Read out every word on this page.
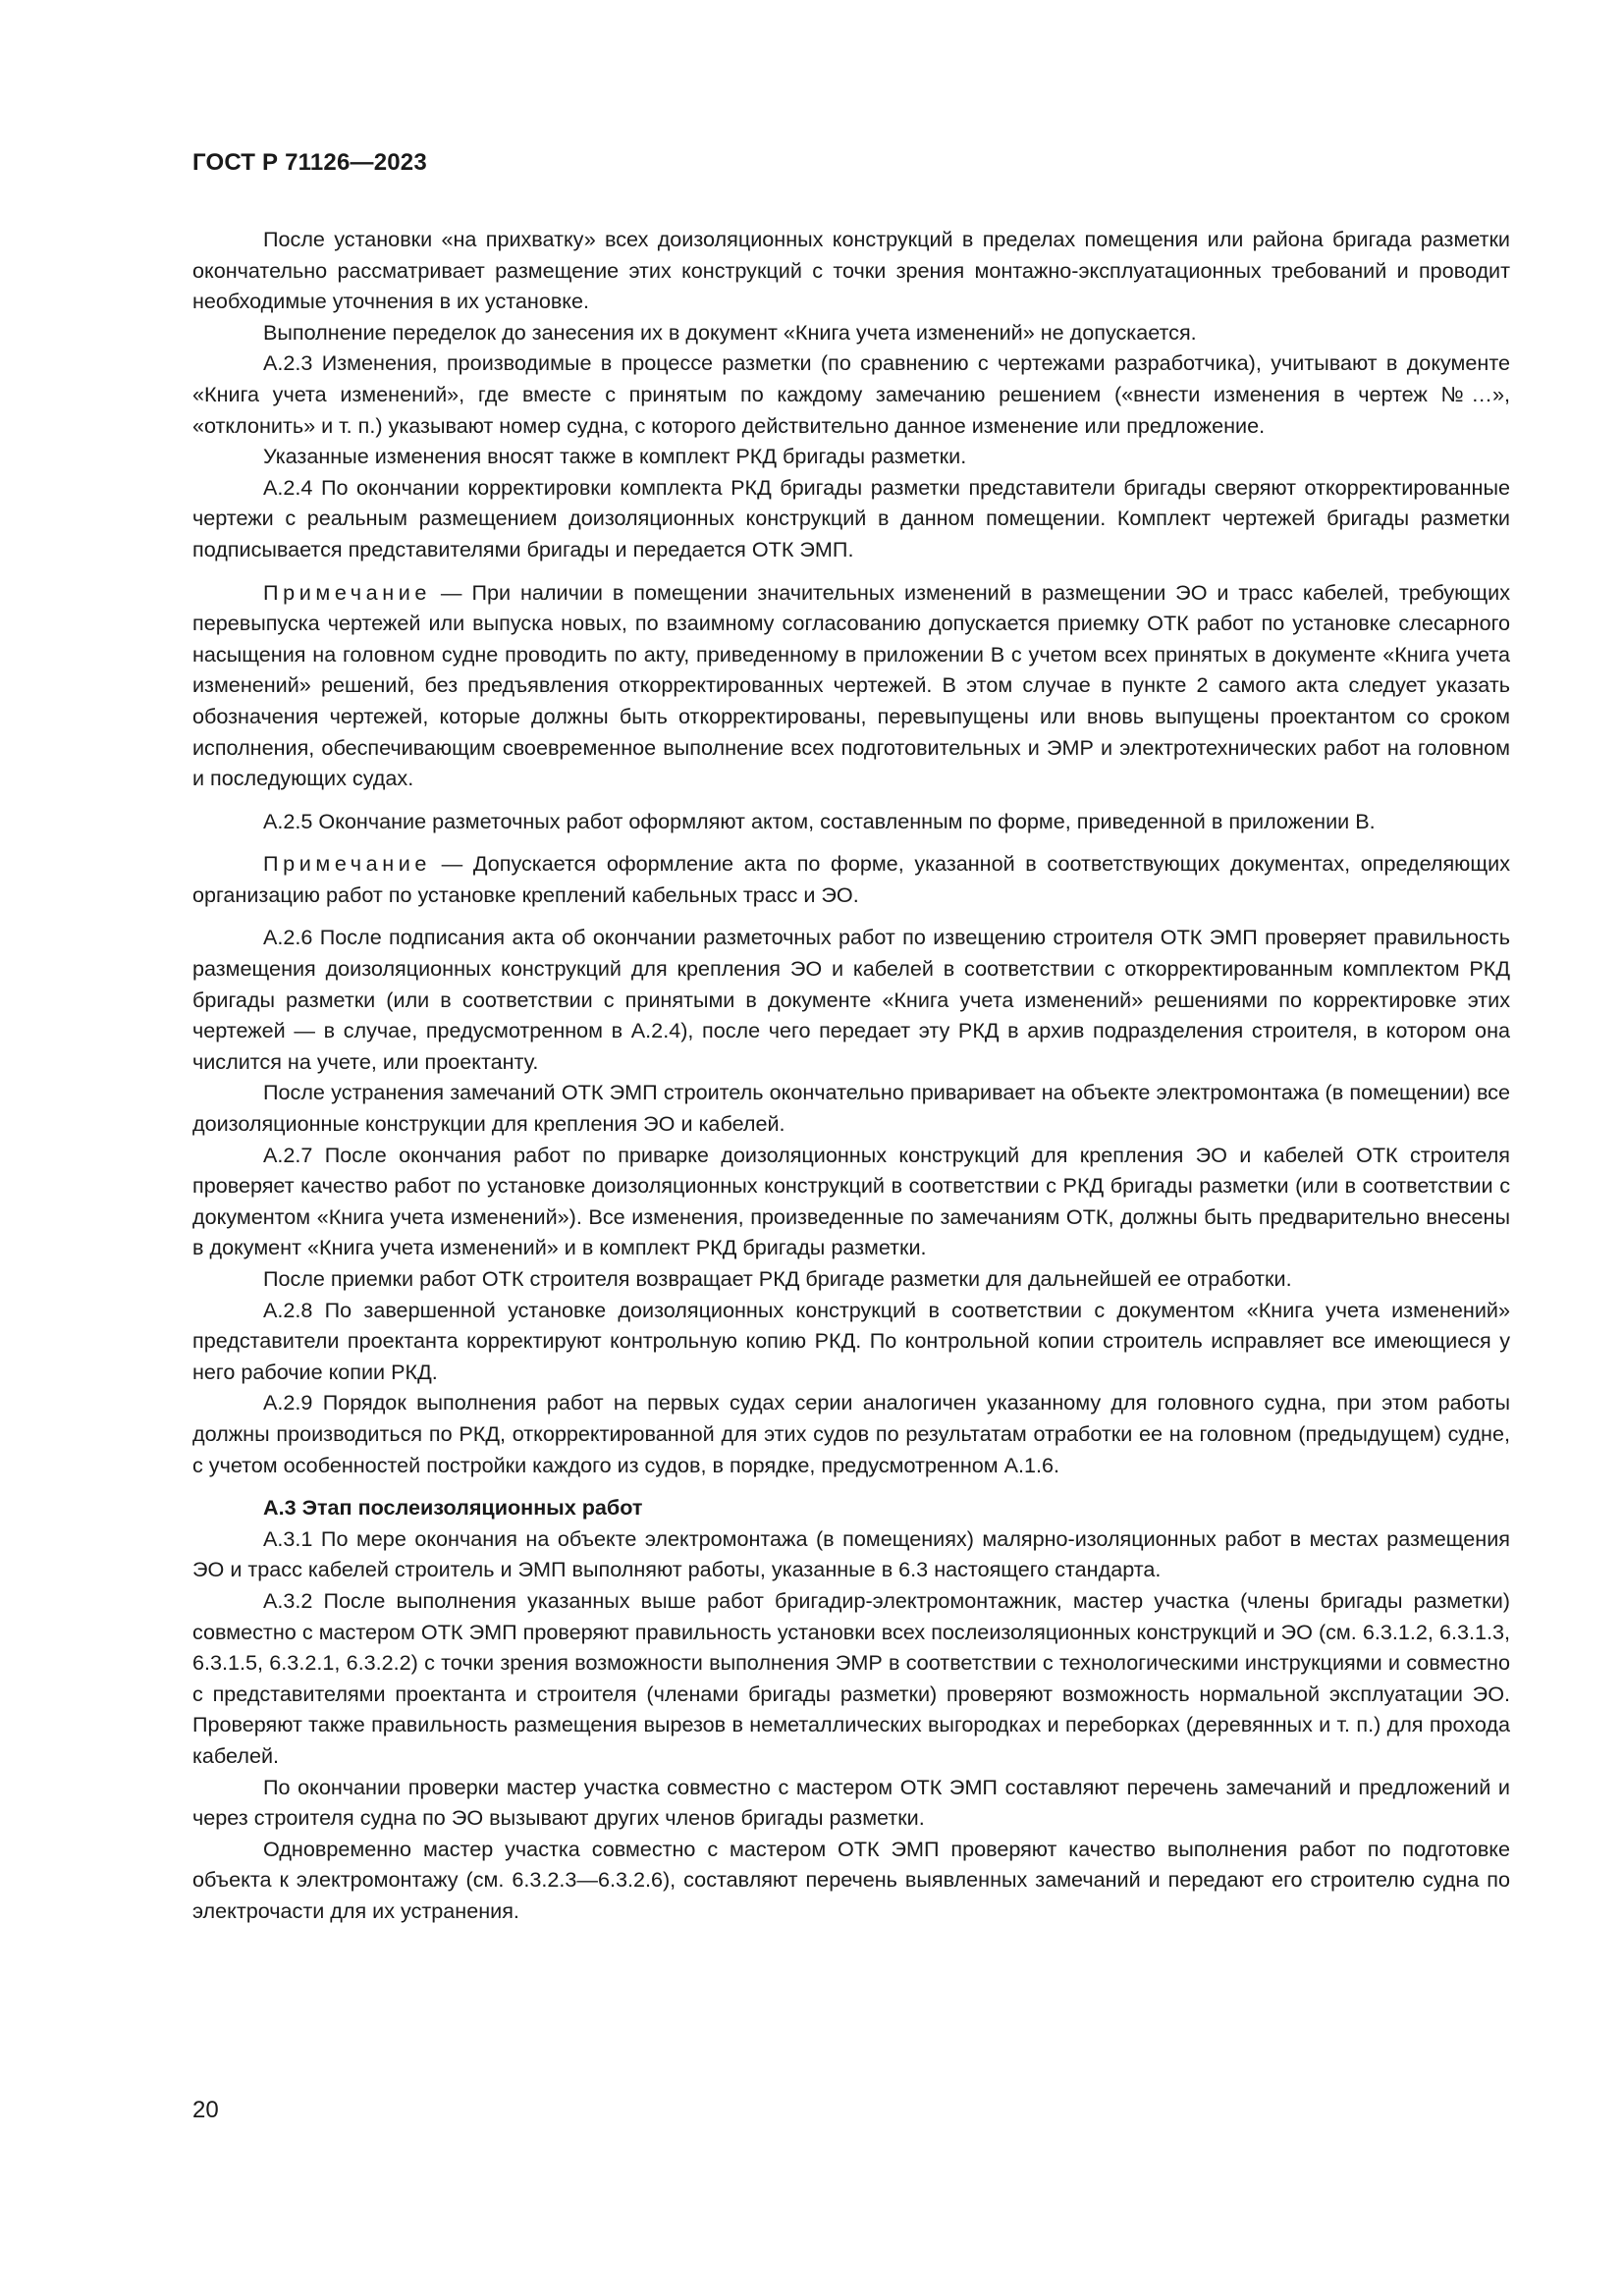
ГОСТ Р 71126—2023

После установки «на прихватку» всех доизоляционных конструкций в пределах помещения или района бригада разметки окончательно рассматривает размещение этих конструкций с точки зрения монтажно-эксплуатационных требований и проводит необходимые уточнения в их установке.

Выполнение переделок до занесения их в документ «Книга учета изменений» не допускается.

А.2.3 Изменения, производимые в процессе разметки (по сравнению с чертежами разработчика), учитывают в документе «Книга учета изменений», где вместе с принятым по каждому замечанию решением («внести изменения в чертеж №…», «отклонить» и т. п.) указывают номер судна, с которого действительно данное изменение или предложение.

Указанные изменения вносят также в комплект РКД бригады разметки.

А.2.4 По окончании корректировки комплекта РКД бригады разметки представители бригады сверяют откорректированные чертежи с реальным размещением доизоляционных конструкций в данном помещении. Комплект чертежей бригады разметки подписывается представителями бригады и передается ОТК ЭМП.

Примечание — При наличии в помещении значительных изменений в размещении ЭО и трасс кабелей, требующих перевыпуска чертежей или выпуска новых, по взаимному согласованию допускается приемку ОТК работ по установке слесарного насыщения на головном судне проводить по акту, приведенному в приложении В с учетом всех принятых в документе «Книга учета изменений» решений, без предъявления откорректированных чертежей. В этом случае в пункте 2 самого акта следует указать обозначения чертежей, которые должны быть откорректированы, перевыпущены или вновь выпущены проектантом со сроком исполнения, обеспечивающим своевременное выполнение всех подготовительных и ЭМР и электротехнических работ на головном и последующих судах.

А.2.5 Окончание разметочных работ оформляют актом, составленным по форме, приведенной в приложении В.

Примечание — Допускается оформление акта по форме, указанной в соответствующих документах, определяющих организацию работ по установке креплений кабельных трасс и ЭО.

А.2.6 После подписания акта об окончании разметочных работ по извещению строителя ОТК ЭМП проверяет правильность размещения доизоляционных конструкций для крепления ЭО и кабелей в соответствии с откорректированным комплектом РКД бригады разметки (или в соответствии с принятыми в документе «Книга учета изменений» решениями по корректировке этих чертежей — в случае, предусмотренном в А.2.4), после чего передает эту РКД в архив подразделения строителя, в котором она числится на учете, или проектанту.

После устранения замечаний ОТК ЭМП строитель окончательно приваривает на объекте электромонтажа (в помещении) все доизоляционные конструкции для крепления ЭО и кабелей.

А.2.7 После окончания работ по приварке доизоляционных конструкций для крепления ЭО и кабелей ОТК строителя проверяет качество работ по установке доизоляционных конструкций в соответствии с РКД бригады разметки (или в соответствии с документом «Книга учета изменений»). Все изменения, произведенные по замечаниям ОТК, должны быть предварительно внесены в документ «Книга учета изменений» и в комплект РКД бригады разметки.

После приемки работ ОТК строителя возвращает РКД бригаде разметки для дальнейшей ее отработки.

А.2.8 По завершенной установке доизоляционных конструкций в соответствии с документом «Книга учета изменений» представители проектанта корректируют контрольную копию РКД. По контрольной копии строитель исправляет все имеющиеся у него рабочие копии РКД.

А.2.9 Порядок выполнения работ на первых судах серии аналогичен указанному для головного судна, при этом работы должны производиться по РКД, откорректированной для этих судов по результатам отработки ее на головном (предыдущем) судне, с учетом особенностей постройки каждого из судов, в порядке, предусмотренном А.1.6.

А.3 Этап послеизоляционных работ

А.3.1 По мере окончания на объекте электромонтажа (в помещениях) малярно-изоляционных работ в местах размещения ЭО и трасс кабелей строитель и ЭМП выполняют работы, указанные в 6.3 настоящего стандарта.

А.3.2 После выполнения указанных выше работ бригадир-электромонтажник, мастер участка (члены бригады разметки) совместно с мастером ОТК ЭМП проверяют правильность установки всех послеизоляционных конструкций и ЭО (см. 6.3.1.2, 6.3.1.3, 6.3.1.5, 6.3.2.1, 6.3.2.2) с точки зрения возможности выполнения ЭМР в соответствии с технологическими инструкциями и совместно с представителями проектанта и строителя (членами бригады разметки) проверяют возможность нормальной эксплуатации ЭО. Проверяют также правильность размещения вырезов в неметаллических выгородках и переборках (деревянных и т. п.) для прохода кабелей.

По окончании проверки мастер участка совместно с мастером ОТК ЭМП составляют перечень замечаний и предложений и через строителя судна по ЭО вызывают других членов бригады разметки.

Одновременно мастер участка совместно с мастером ОТК ЭМП проверяют качество выполнения работ по подготовке объекта к электромонтажу (см. 6.3.2.3—6.3.2.6), составляют перечень выявленных замечаний и передают его строителю судна по электрочасти для их устранения.

20
